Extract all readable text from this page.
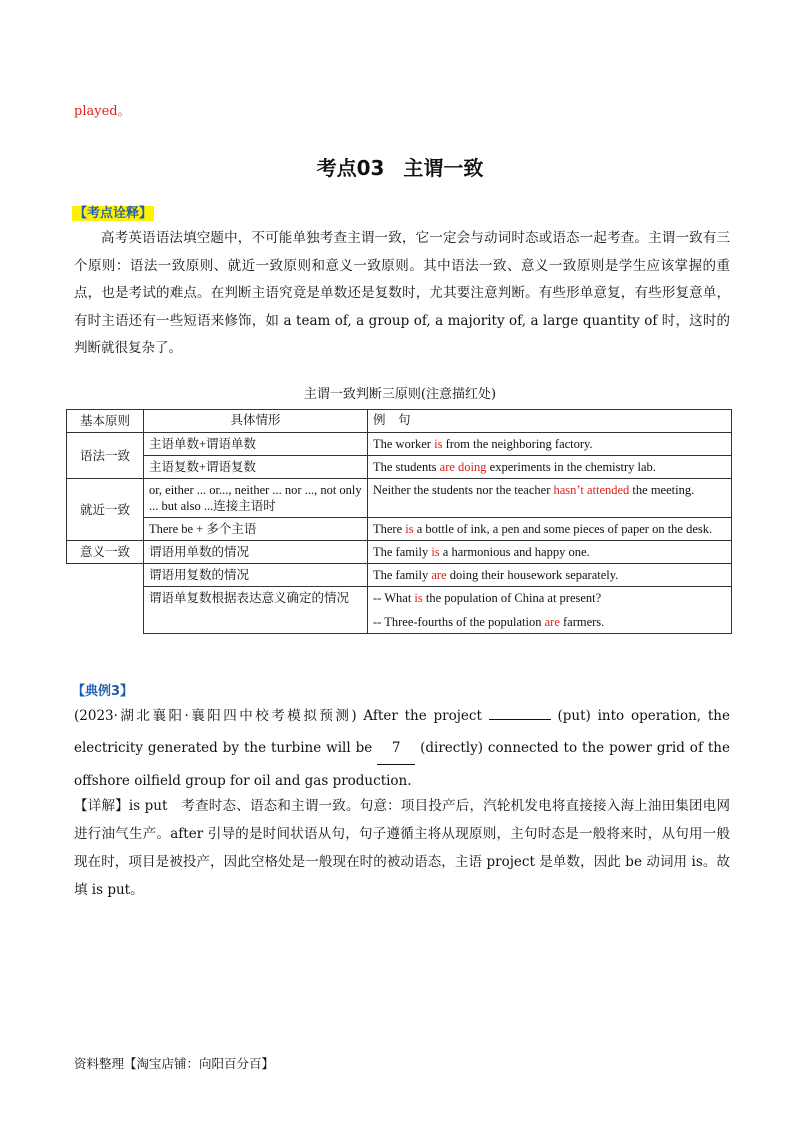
played。
考点03 主谓一致
【考点诠释】
高考英语语法填空题中，不可能单独考查主谓一致，它一定会与动词时态或语态一起考查。主谓一致有三个原则：语法一致原则、就近一致原则和意义一致原则。其中语法一致、意义一致原则是学生应该掌握的重点，也是考试的难点。在判断主语究竟是单数还是复数时，尤其要注意判断。有些形单意复，有些形复意单，有时主语还有一些短语来修饰，如 a team of, a group of, a majority of, a large quantity of 时，这时的判断就很复杂了。
主谓一致判断三原则(注意描红处)
基本原则	具体情形	例　句
语法一致	主语单数+谓语单数	The worker is from the neighboring factory.
	主语复数+谓语复数	The students are doing experiments in the chemistry lab.
就近一致	or, either ... or..., neither ... nor ..., not only ... but also ...连接主语时	Neither the students nor the teacher hasn’t attended the meeting.
	There be + 多个主语	There is a bottle of ink, a pen and some pieces of paper on the desk.
意义一致	谓语用单数的情况	The family is a harmonious and happy one.
	谓语用复数的情况	The family are doing their housework separately.
	谓语单复数根据表达意义确定的情况	-- What is the population of China at present?
-- Three-fourths of the population are farmers.
【典例3】
(2023·湖北襄阳·襄阳四中校考模拟预测) After the project	(put) into operation, the electricity generated by the turbine will be 7 (directly) connected to the power grid of the offshore oilfield group for oil and gas production.
【详解】is put　考查时态、语态和主谓一致。句意：项目投产后，汽轮机发电将直接接入海上油田集团电网进行油气生产。after 引导的是时间状语从句，句子遵循主将从现原则，主句时态是一般将来时，从句用一般现在时，项目是被投产，因此空格处是一般现在时的被动语态，主语 project 是单数，因此 be 动词用 is。故填 is put。
资料整理【淘宝店铺：向阳百分百】
